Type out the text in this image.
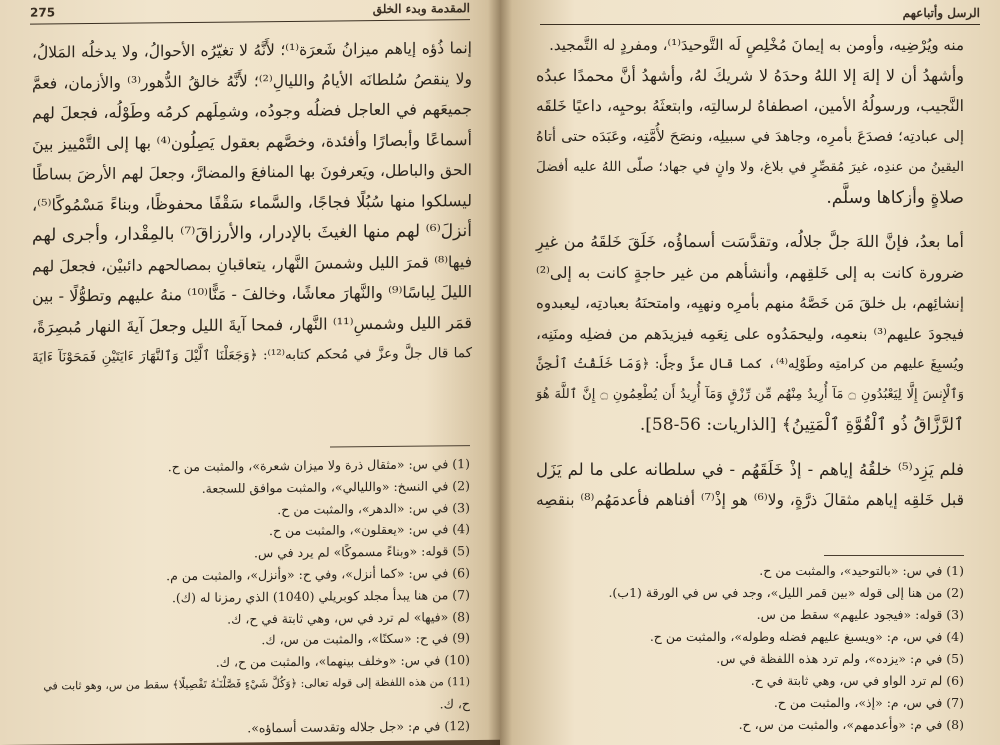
المقدمة وبدء الخلق
275
إنما ذُؤه إياهم ميزانُ شَعرَة⁽¹⁾؛ لأَنَّهُ لا تغيّرُه الأحوالُ، ولا يدخلُه المَلالُ،
ولا ينقصُ سُلطانَه الأيامُ والليالِ⁽²⁾؛ لأَنَّهُ خالقُ الدُّهور⁽³⁾ والأزمان، فعمَّ
جميعَهم في العاجل فضلُه وجودُه، وشمِلَهم كرمُه وطَوْلُه، فجعلَ لهم
أسماعًا وأبصارًا وأفئدة، وخصَّهم بعقول يَصِلُون⁽⁴⁾ بها إلى التَّمْييز بينَ
الحق والباطل، ويَعرفونَ بها المنافعَ والمضارَّ، وجعلَ لهم الأرضَ بساطًا
ليسلكوا منها سُبُلًا فجاجًا، والسَّماء سَقْفًا محفوظًا، وبناءً مَسْمُوكًا⁽⁵⁾،
أنزلَ⁽⁶⁾ لهم منها الغيثَ بالإدرار، والأرزاقَ⁽⁷⁾ بالمِقْدار، وأجرى لهم
فيها⁽⁸⁾ قمرَ الليل وشمسَ النَّهار، يتعاقبانِ بمصالحهم دائبيْن، فجعلَ لهم
الليلَ لِباسًا⁽⁹⁾ والنَّهارَ معاشًا، وخالفَ - مَنًّا⁽¹⁰⁾ منهُ عليهم وتطوُّلًا - بين
قمَر الليل وشمسِ⁽¹¹⁾ النَّهار، فمحا آيةَ الليل وجعلَ آيةَ النهار مُبصِرَةً،
كما قال جلَّ وعزَّ في مُحكم كتابه⁽¹²⁾: ﴿وَجَعَلْنَا ٱلَّيْلَ وَٱلنَّهَارَ ءَايَتَيْنِ فَمَحَوْنَآ ءَايَةَ
(1) في س: «مثقال ذرة ولا ميزان شعرة»، والمثبت من ح.
(2) في النسخ: «والليالي»، والمثبت موافق للسجعة.
(3) في س: «الدهر»، والمثبت من ح.
(4) في س: «يعقلون»، والمثبت من ح.
(5) قوله: «وبناءً مسموكًا» لم يرد في س.
(6) في س: «كما أنزل»، وفي ح: «وأنزل»، والمثبت من م.
(7) من هنا يبدأ مجلد كوبريلي (1040) الذي رمزنا له (ك).
(8) «فيها» لم ترد في س، وهي ثابتة في ح، ك.
(9) في ح: «سكنًا»، والمثبت من س، ك.
(10) في س: «وخلف بينهما»، والمثبت من ح، ك.
(11) من هذه اللفظة إلى قوله تعالى: ﴿وَكُلَّ شَيْءٍ فَصَّلْنَـٰهُ تَفْصِيلًا﴾ سقط من س، وهو ثابت في
ح، ك.
(12) في م: «جل جلاله وتقدست أسماؤه».
الرسل وأتباعهم
منه ويُرْضِيه، وأومن به إيمانَ مُخْلِصٍ لَه التَّوحيدَ⁽¹⁾، ومفردٍ له التَّمجيد.
وأشهدُ أن لا إلهَ إلا اللهُ وحدَهُ لا شريكَ لهُ، وأشهدُ أنَّ محمدًا عبدُه
النَّجيب، ورسولُهُ الأمين، اصطفاهُ لرسالتِه، وابتعثَهُ بوحيِه، داعيًا خَلقَه
إلى عبادتِه؛ فصدَعَ بأمرِه، وجاهدَ في سبيلِه، ونصَحَ لأُمَّتِه، وعَبَدَه حتى أتاهُ
اليقينُ من عندِه، غيرَ مُقصِّرٍ في بلاغ، ولا وانٍ في جهاد؛ صلّى اللهُ عليه أفضلَ
صلاةٍ وأزكاها وسلَّم.
أما بعدُ، فإنَّ اللهَ جلَّ جلالُه، وتقدَّسَت أسماؤُه، خَلَقَ خَلقَهُ من غيرِ
ضرورة كانت به إلى خَلقِهم، وأنشأهم من غير حاجةٍ كانت به إلى⁽²⁾
إنشائِهم، بل خلقَ مَن خَصَّهُ منهم بأمرِه ونهيِه، وامتحنَهُ بعبادتِه، ليعبدوه
فيجودَ عليهم⁽³⁾ بنعمِه، وليحمَدُوه على نِعَمِه فيزيدَهم من فضلِه ومنَنِه،
ويُسبِغَ عليهم من كرامتِه وطَوْلِه⁽⁴⁾، كما قال عزَّ وجلَّ: ﴿وَمَا خَلَقْتُ ٱلْجِنَّ
وَٱلْإِنسَ إِلَّا لِيَعْبُدُونِ ۝ مَآ أُرِيدُ مِنْهُم مِّن رِّزْقٍ وَمَآ أُرِيدُ أَن يُطْعِمُونِ ۝ إِنَّ ٱللَّهَ هُوَ
ٱلرَّزَّاقُ ذُو ٱلْقُوَّةِ ٱلْمَتِينُ﴾ [الذاريات: 56-58].
فلم يَزِد⁽⁵⁾ خلقُهُ إياهم - إذْ خَلَقَهُم - في سلطانه على ما لم يَزَل
قبل خَلقِه إياهم مثقالَ ذرَّةٍ، ولا⁽⁶⁾ هو إذْ⁽⁷⁾ أفناهم فأعدمَهُم⁽⁸⁾ بنقصِه
(1) في س: «بالتوحيد»، والمثبت من ح.
(2) من هنا إلى قوله «بين قمر الليل»، وجد في س في الورقة (1ب).
(3) قوله: «فيجود عليهم» سقط من س.
(4) في س، م: «ويسبغ عليهم فضله وطوله»، والمثبت من ح.
(5) في م: «يزده»، ولم ترد هذه اللفظة في س.
(6) لم ترد الواو في س، وهي ثابتة في ح.
(7) في س، م: «إذ»، والمثبت من ح.
(8) في م: «وأعدمهم»، والمثبت من س، ح.
